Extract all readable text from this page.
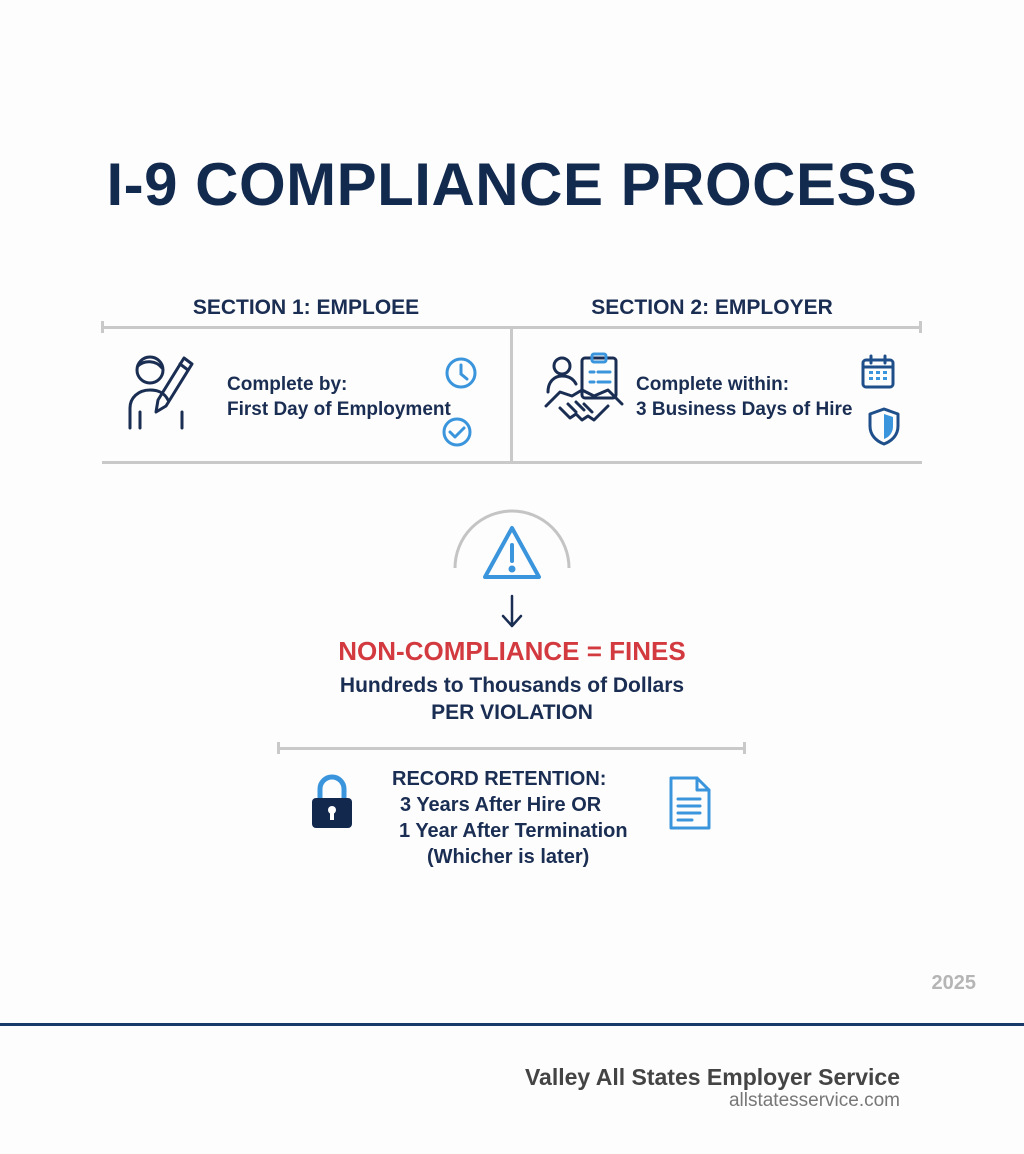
I-9 COMPLIANCE PROCESS
SECTION 1: EMPLOEE	SECTION 2: EMPLOYER
Complete by:
First Day of Employment
Complete within:
3 Business Days of Hire
NON-COMPLIANCE = FINES
Hundreds to Thousands of Dollars
PER VIOLATION
RECORD RETENTION:
3 Years After Hire OR
1 Year After Termination
(Whicher is later)
2025
Valley All States Employer Service
allstatesservice.com
